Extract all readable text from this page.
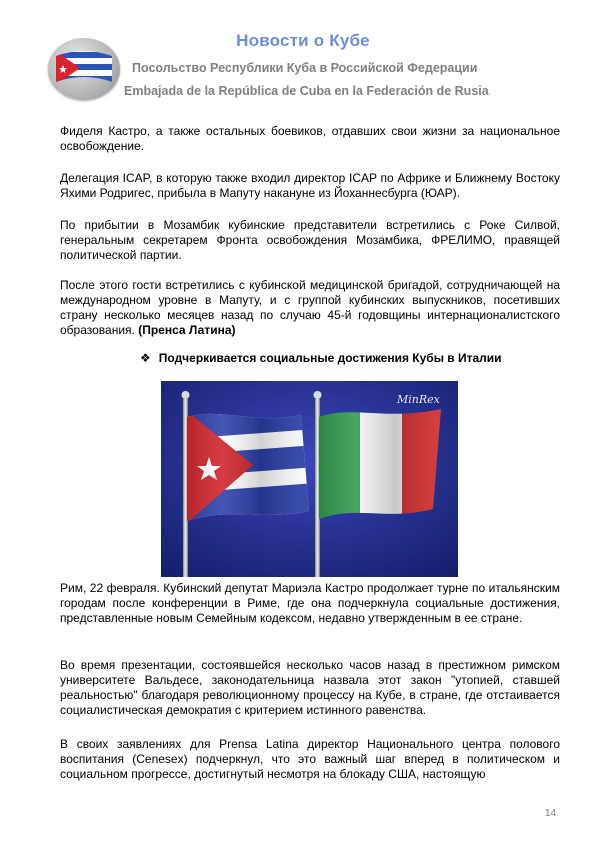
Новости о Кубе
Посольство Республики Куба в Российской Федерации
Embajada de la República de Cuba en la Federación de Rusia

Фиделя Кастро, а также остальных боевиков, отдавших свои жизни за национальное освобождение.

Делегация ICAP, в которую также входил директор ICAP по Африке и Ближнему Востоку Яхими Родригес, прибыла в Мапуту накануне из Йоханнесбурга (ЮАР).

По прибытии в Мозамбик кубинские представители встретились с Роке Силвой, генеральным секретарем Фронта освобождения Мозамбика, ФРЕЛИМО, правящей политической партии.

После этого гости встретились с кубинской медицинской бригадой, сотрудничающей на международном уровне в Мапуту, и с группой кубинских выпускников, посетивших страну несколько месяцев назад по случаю 45-й годовщины интернационалистского образования. (Пренса Латина)

❖ Подчеркивается социальные достижения Кубы в Италии
MinRex

Рим, 22 февраля. Кубинский депутат Мариэла Кастро продолжает турне по итальянским городам после конференции в Риме, где она подчеркнула социальные достижения, представленные новым Семейным кодексом, недавно утвержденным в ее стране.

Во время презентации, состоявшейся несколько часов назад в престижном римском университете Вальдесе, законодательница назвала этот закон "утопией, ставшей реальностью" благодаря революционному процессу на Кубе, в стране, где отстаивается социалистическая демократия с критерием истинного равенства.

В своих заявлениях для Prensa Latina директор Национального центра полового воспитания (Cenesex) подчеркнул, что это важный шаг вперед в политическом и социальном прогрессе, достигнутый несмотря на блокаду США, настоящую

14
